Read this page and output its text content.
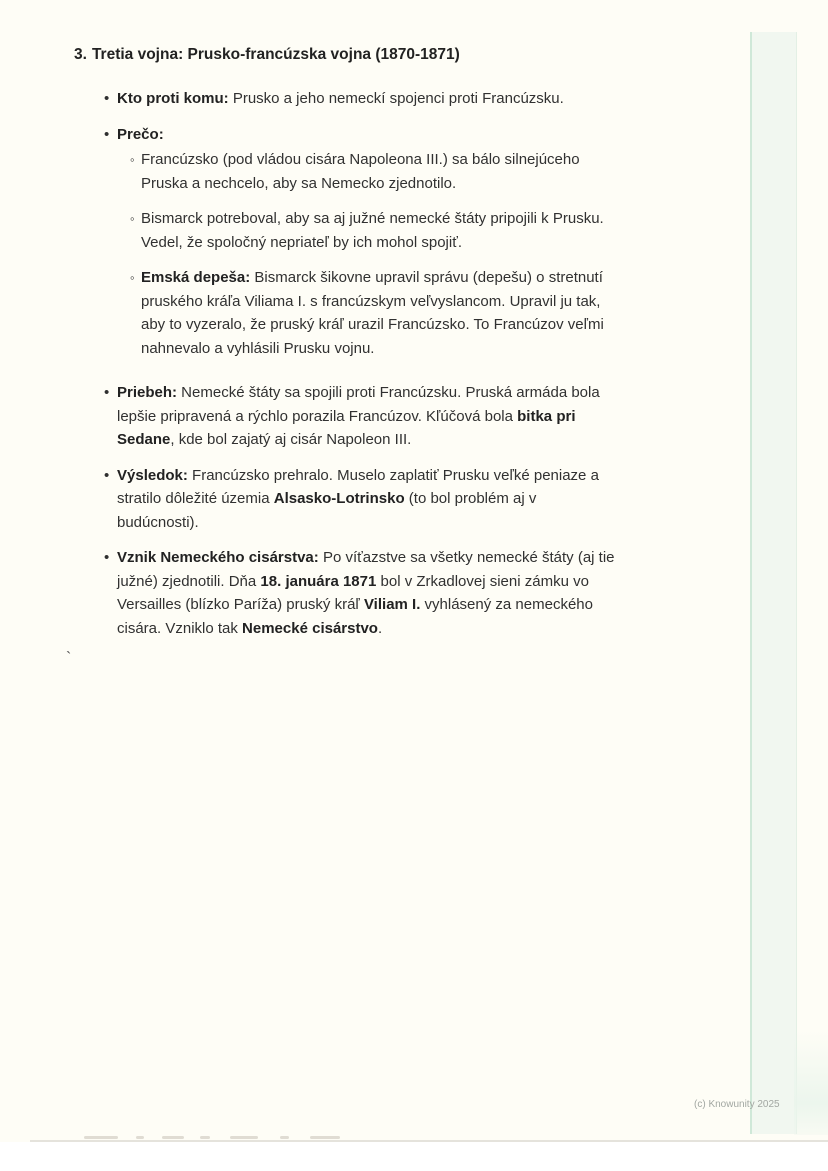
3. Tretia vojna: Prusko-francúzska vojna (1870-1871)
• Kto proti komu: Prusko a jeho nemeckí spojenci proti Francúzsku.

• Prečo:

◦ Francúzsko (pod vládou cisára Napoleona III.) sa bálo silnejúceho
Pruska a nechcelo, aby sa Nemecko zjednotilo.

◦ Bismarck potreboval, aby sa aj južné nemecké štáty pripojili k Prusku.
Vedel, že spoločný nepriateľ by ich mohol spojiť.

◦ Emská depeša: Bismarck šikovne upravil správu (depešu) o stretnutí
pruského kráľa Viliama I. s francúzskym veľvyslancom. Upravil ju tak,
aby to vyzeralo, že pruský kráľ urazil Francúzsko. To Francúzov veľmi
nahnevalo a vyhlásili Prusku vojnu.

• Priebeh: Nemecké štáty sa spojili proti Francúzsku. Pruská armáda bola
lepšie pripravená a rýchlo porazila Francúzov. Kľúčová bola bitka pri
Sedane, kde bol zajatý aj cisár Napoleon III.

• Výsledok: Francúzsko prehralo. Muselo zaplatiť Prusku veľké peniaze a
stratilo dôležité územia Alsasko-Lotrinsko (to bol problém aj v
budúcnosti).

• Vznik Nemeckého cisárstva: Po víťazstve sa všetky nemecké štáty (aj tie
južné) zjednotili. Dňa 18. januára 1871 bol v Zrkadlovej sieni zámku vo
Versailles (blízko Paríža) pruský kráľ Viliam I. vyhlásený za nemeckého
cisára. Vzniklo tak Nemecké cisárstvo.

`
(c) Knowunity 2025
